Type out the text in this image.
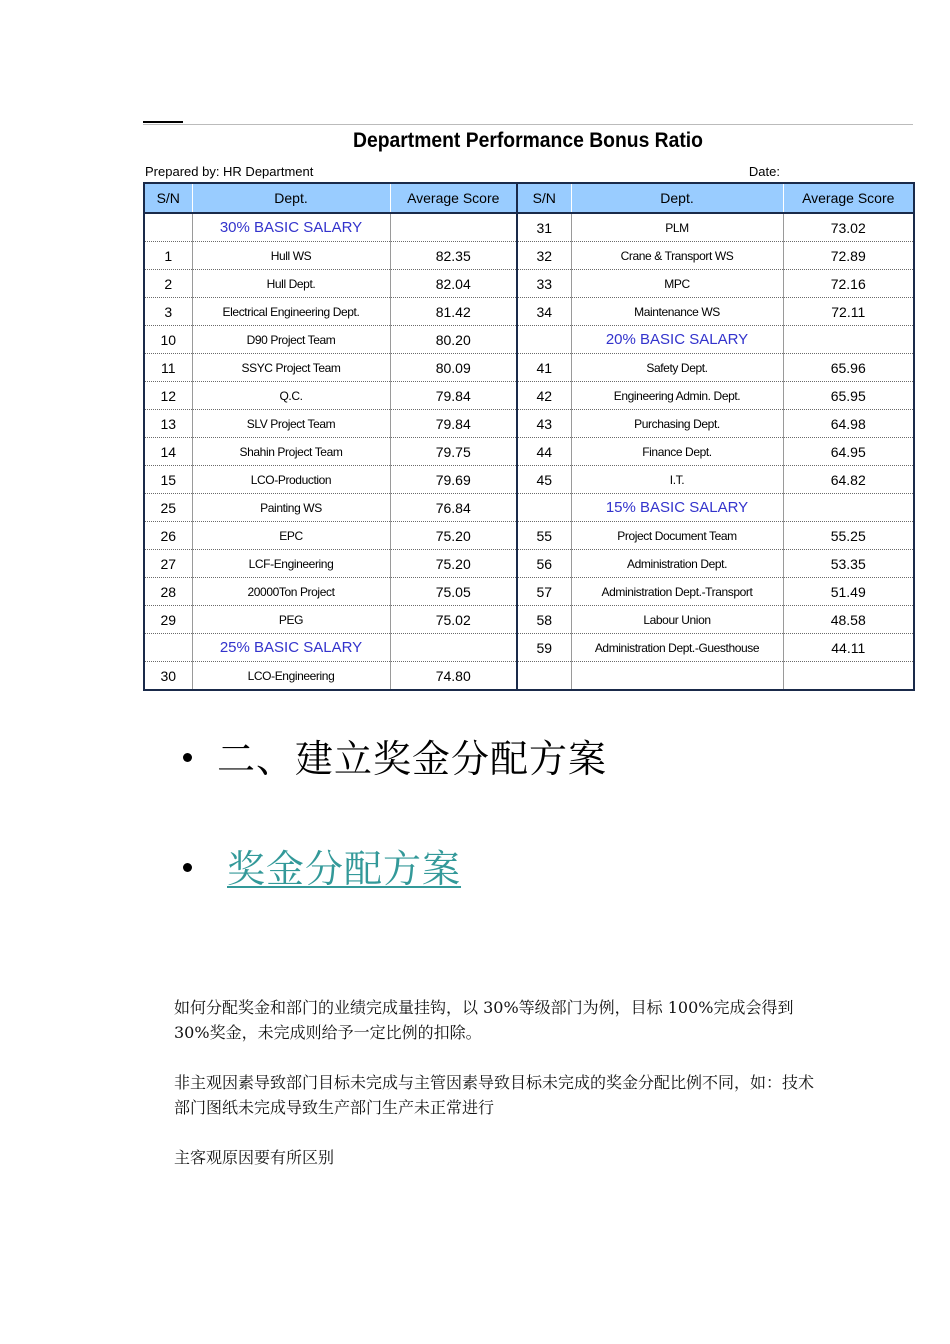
Department Performance Bonus Ratio
Prepared by: HR Department	Date:
S/N	Dept.	Average Score	S/N	Dept.	Average Score
	30% BASIC SALARY		31	PLM	73.02
1	Hull WS	82.35	32	Crane & Transport WS	72.89
2	Hull Dept.	82.04	33	MPC	72.16
3	Electrical Engineering Dept.	81.42	34	Maintenance WS	72.11
10	D90 Project Team	80.20		20% BASIC SALARY	
11	SSYC Project Team	80.09	41	Safety Dept.	65.96
12	Q.C.	79.84	42	Engineering Admin. Dept.	65.95
13	SLV Project Team	79.84	43	Purchasing Dept.	64.98
14	Shahin Project Team	79.75	44	Finance Dept.	64.95
15	LCO-Production	79.69	45	I.T.	64.82
25	Painting WS	76.84		15% BASIC SALARY	
26	EPC	75.20	55	Project Document Team	55.25
27	LCF-Engineering	75.20	56	Administration Dept.	53.35
28	20000Ton Project	75.05	57	Administration Dept.-Transport	51.49
29	PEG	75.02	58	Labour Union	48.58
	25% BASIC SALARY		59	Administration Dept.-Guesthouse	44.11
30	LCO-Engineering	74.80			
二、建立奖金分配方案
奖金分配方案
如何分配奖金和部门的业绩完成量挂钩，以 30%等级部门为例，目标 100%完成会得到 30%奖金，未完成则给予一定比例的扣除。
非主观因素导致部门目标未完成与主管因素导致目标未完成的奖金分配比例不同，如：技术部门图纸未完成导致生产部门生产未正常进行
主客观原因要有所区别
